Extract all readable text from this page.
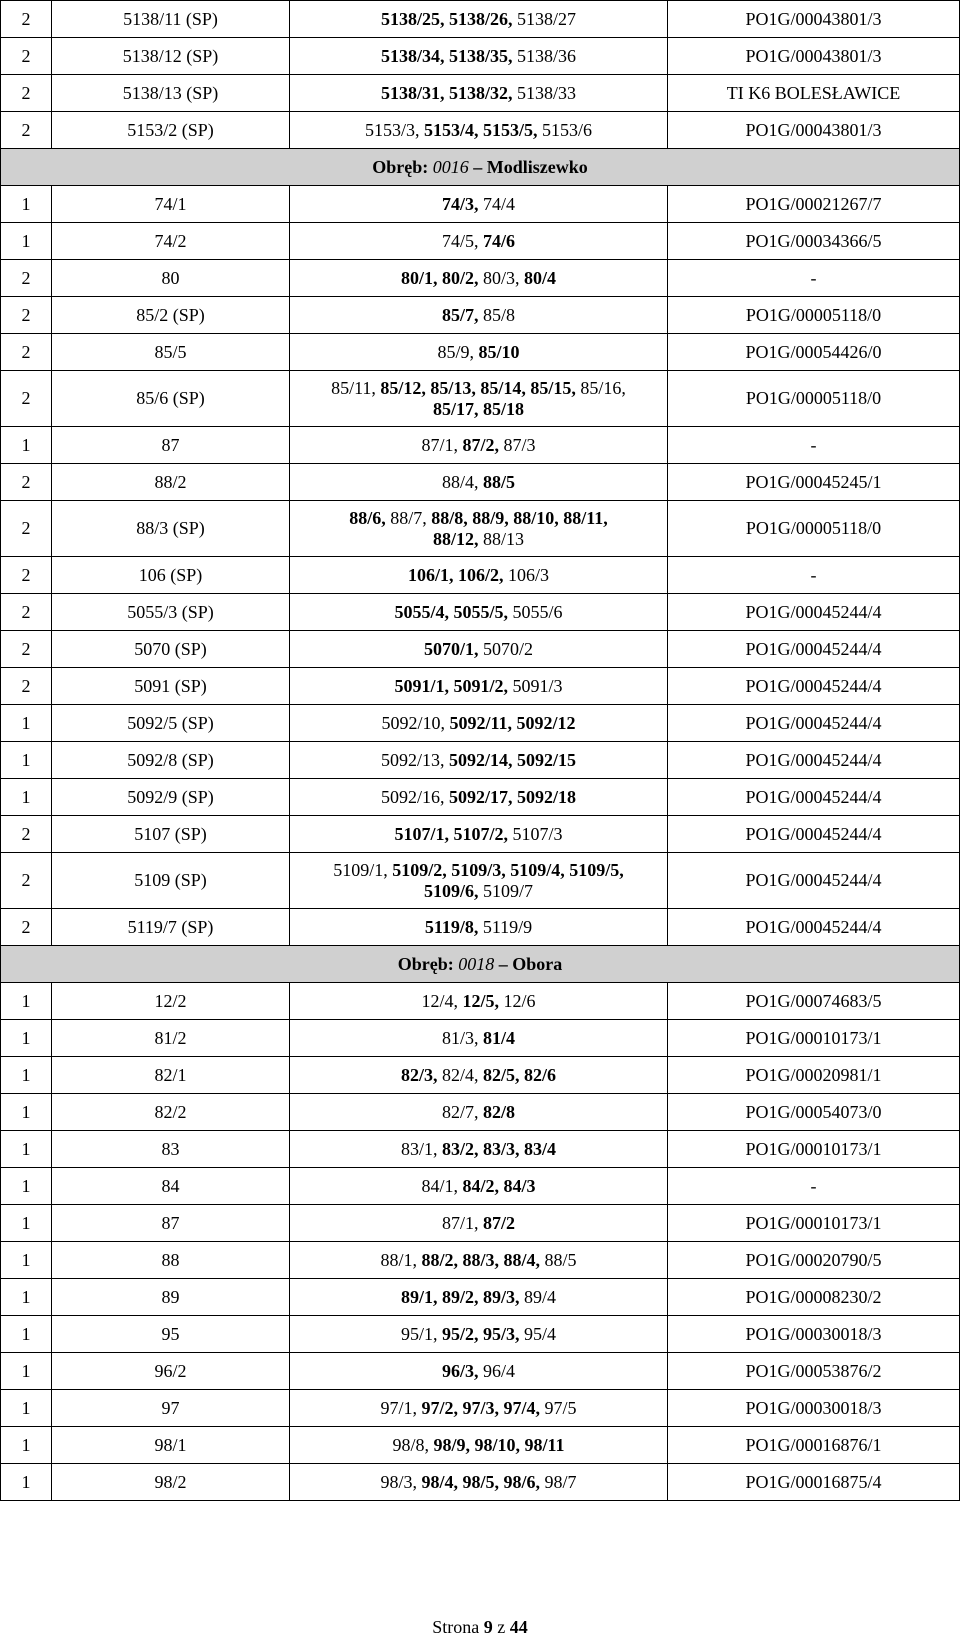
2	5138/11 (SP)	5138/25, 5138/26, 5138/27	PO1G/00043801/3
2	5138/12 (SP)	5138/34, 5138/35, 5138/36	PO1G/00043801/3
2	5138/13 (SP)	5138/31, 5138/32, 5138/33	TI K6 BOLESŁAWICE
2	5153/2 (SP)	5153/3, 5153/4, 5153/5, 5153/6	PO1G/00043801/3
Obręb: 0016 – Modliszewko			
1	74/1	74/3, 74/4	PO1G/00021267/7
1	74/2	74/5, 74/6	PO1G/00034366/5
2	80	80/1, 80/2, 80/3, 80/4	-
2	85/2 (SP)	85/7, 85/8	PO1G/00005118/0
2	85/5	85/9, 85/10	PO1G/00054426/0
2	85/6 (SP)	85/11, 85/12, 85/13, 85/14, 85/15, 85/16,
85/17, 85/18	PO1G/00005118/0
1	87	87/1, 87/2, 87/3	-
2	88/2	88/4, 88/5	PO1G/00045245/1
2	88/3 (SP)	88/6, 88/7, 88/8, 88/9, 88/10, 88/11,
88/12, 88/13	PO1G/00005118/0
2	106 (SP)	106/1, 106/2, 106/3	-
2	5055/3 (SP)	5055/4, 5055/5, 5055/6	PO1G/00045244/4
2	5070 (SP)	5070/1, 5070/2	PO1G/00045244/4
2	5091 (SP)	5091/1, 5091/2, 5091/3	PO1G/00045244/4
1	5092/5 (SP)	5092/10, 5092/11, 5092/12	PO1G/00045244/4
1	5092/8 (SP)	5092/13, 5092/14, 5092/15	PO1G/00045244/4
1	5092/9 (SP)	5092/16, 5092/17, 5092/18	PO1G/00045244/4
2	5107 (SP)	5107/1, 5107/2, 5107/3	PO1G/00045244/4
2	5109 (SP)	5109/1, 5109/2, 5109/3, 5109/4, 5109/5,
5109/6, 5109/7	PO1G/00045244/4
2	5119/7 (SP)	5119/8, 5119/9	PO1G/00045244/4
Obręb: 0018 – Obora			
1	12/2	12/4, 12/5, 12/6	PO1G/00074683/5
1	81/2	81/3, 81/4	PO1G/00010173/1
1	82/1	82/3, 82/4, 82/5, 82/6	PO1G/00020981/1
1	82/2	82/7, 82/8	PO1G/00054073/0
1	83	83/1, 83/2, 83/3, 83/4	PO1G/00010173/1
1	84	84/1, 84/2, 84/3	-
1	87	87/1, 87/2	PO1G/00010173/1
1	88	88/1, 88/2, 88/3, 88/4, 88/5	PO1G/00020790/5
1	89	89/1, 89/2, 89/3, 89/4	PO1G/00008230/2
1	95	95/1, 95/2, 95/3, 95/4	PO1G/00030018/3
1	96/2	96/3, 96/4	PO1G/00053876/2
1	97	97/1, 97/2, 97/3, 97/4, 97/5	PO1G/00030018/3
1	98/1	98/8, 98/9, 98/10, 98/11	PO1G/00016876/1
1	98/2	98/3, 98/4, 98/5, 98/6, 98/7	PO1G/00016875/4
Strona 9 z 44
